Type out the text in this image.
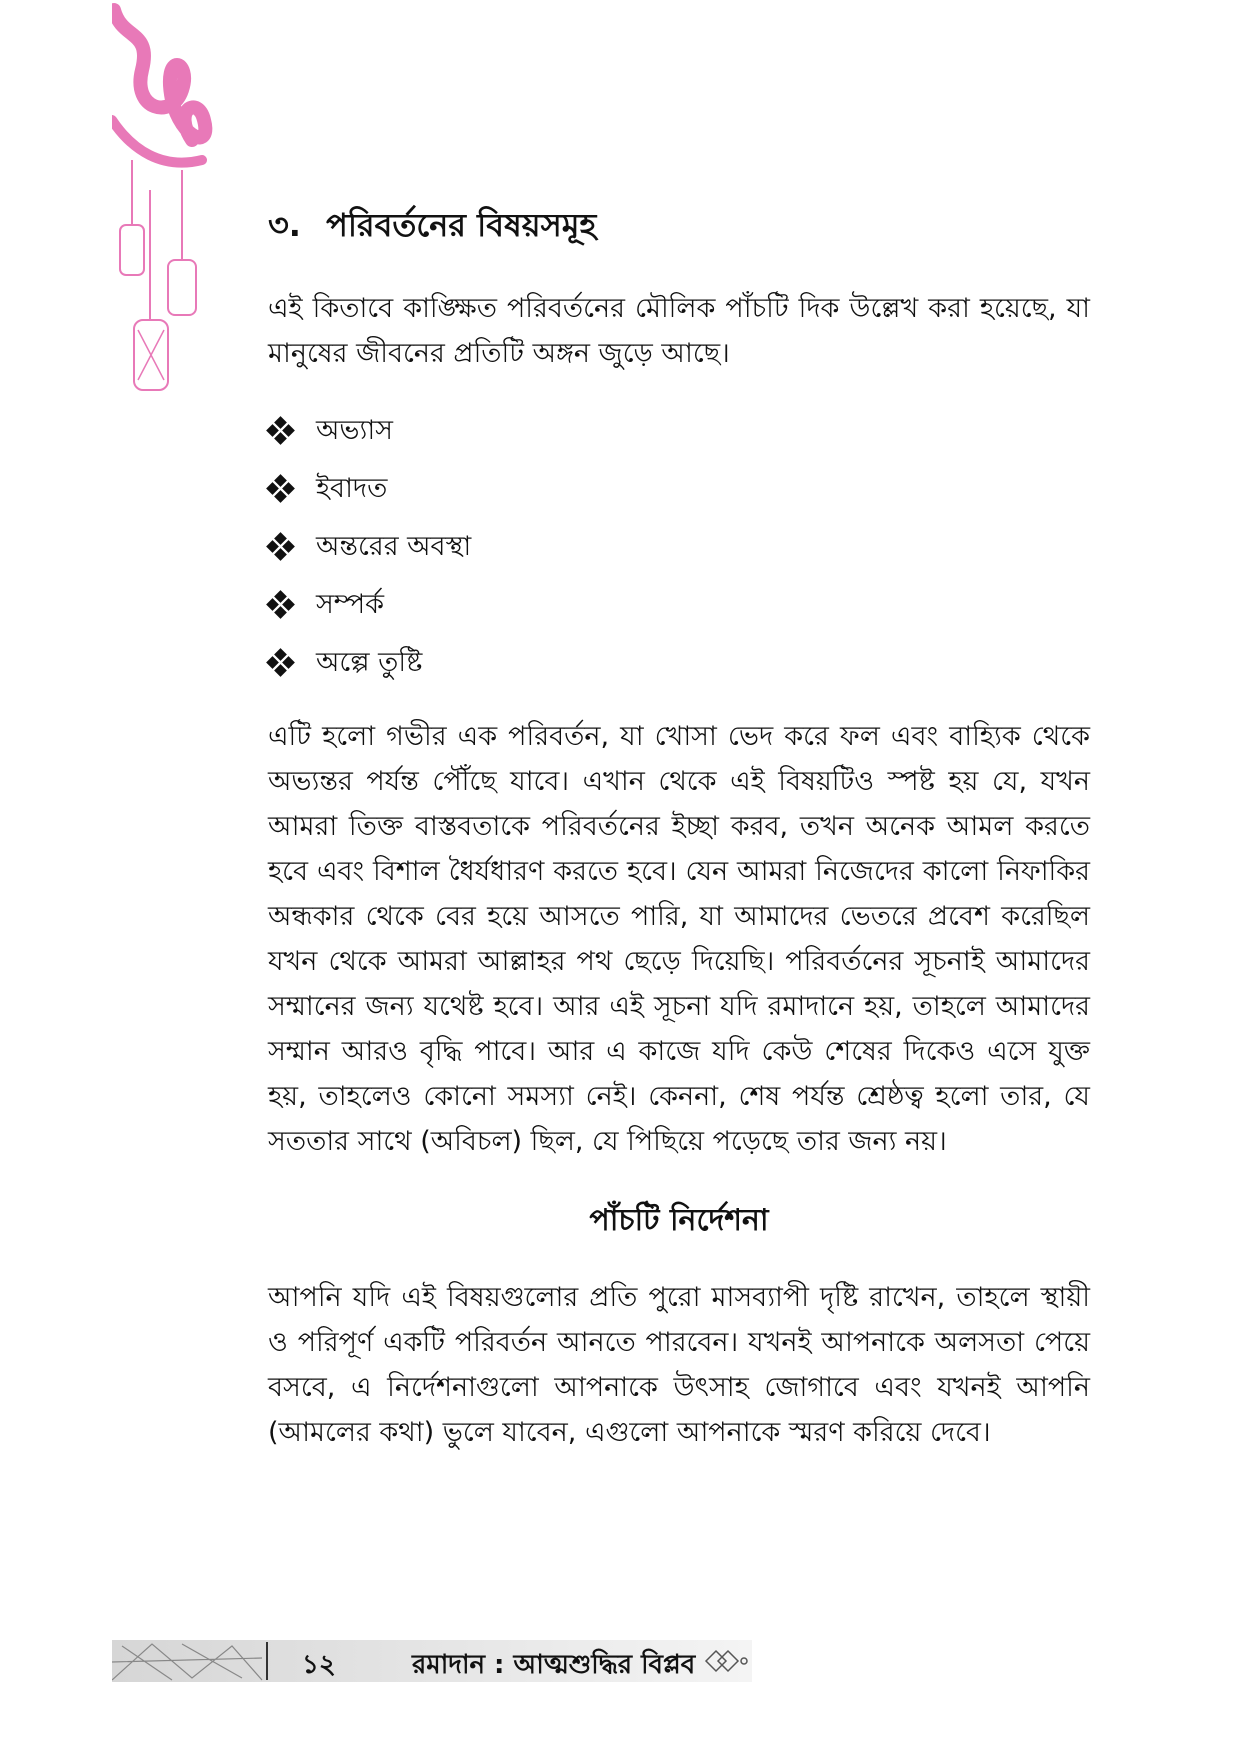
৩. পরিবর্তনের বিষয়সমূহ

এই কিতাবে কাঙ্ক্ষিত পরিবর্তনের মৌলিক পাঁচটি দিক উল্লেখ করা হয়েছে, যা মানুষের জীবনের প্রতিটি অঙ্গন জুড়ে আছে।

অভ্যাস
ইবাদত
অন্তরের অবস্থা
সম্পর্ক
অল্পে তুষ্টি

এটি হলো গভীর এক পরিবর্তন, যা খোসা ভেদ করে ফল এবং বাহ্যিক থেকে অভ্যন্তর পর্যন্ত পৌঁছে যাবে। এখান থেকে এই বিষয়টিও স্পষ্ট হয় যে, যখন আমরা তিক্ত বাস্তবতাকে পরিবর্তনের ইচ্ছা করব, তখন অনেক আমল করতে হবে এবং বিশাল ধৈর্যধারণ করতে হবে। যেন আমরা নিজেদের কালো নিফাকির অন্ধকার থেকে বের হয়ে আসতে পারি, যা আমাদের ভেতরে প্রবেশ করেছিল যখন থেকে আমরা আল্লাহর পথ ছেড়ে দিয়েছি। পরিবর্তনের সূচনাই আমাদের সম্মানের জন্য যথেষ্ট হবে। আর এই সূচনা যদি রমাদানে হয়, তাহলে আমাদের সম্মান আরও বৃদ্ধি পাবে। আর এ কাজে যদি কেউ শেষের দিকেও এসে যুক্ত হয়, তাহলেও কোনো সমস্যা নেই। কেননা, শেষ পর্যন্ত শ্রেষ্ঠত্ব হলো তার, যে সততার সাথে (অবিচল) ছিল, যে পিছিয়ে পড়েছে তার জন্য নয়।

পাঁচটি নির্দেশনা

আপনি যদি এই বিষয়গুলোর প্রতি পুরো মাসব্যাপী দৃষ্টি রাখেন, তাহলে স্থায়ী ও পরিপূর্ণ একটি পরিবর্তন আনতে পারবেন। যখনই আপনাকে অলসতা পেয়ে বসবে, এ নির্দেশনাগুলো আপনাকে উৎসাহ জোগাবে এবং যখনই আপনি (আমলের কথা) ভুলে যাবেন, এগুলো আপনাকে স্মরণ করিয়ে দেবে।

১২	রমাদান : আত্মশুদ্ধির বিপ্লব
